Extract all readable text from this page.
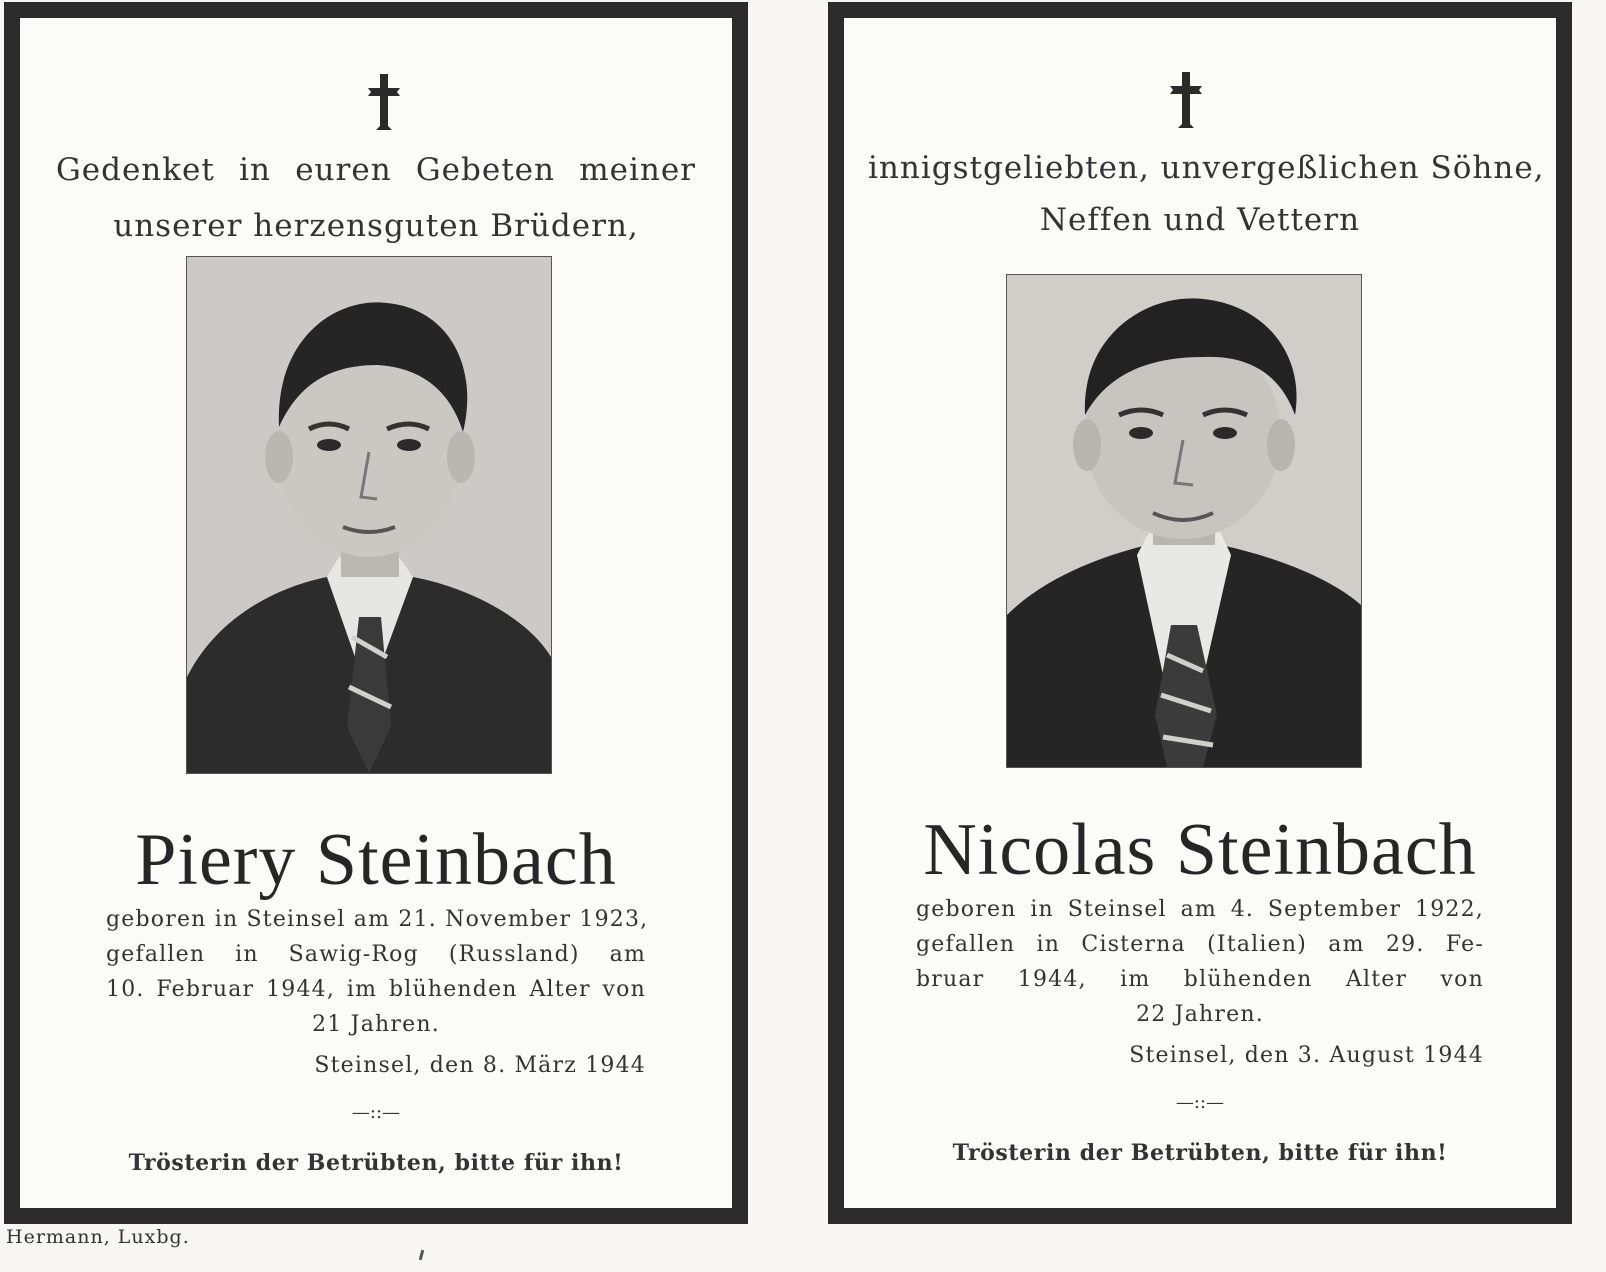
Gedenket in euren Gebeten meiner
unserer herzensguten Brüdern,
Piery Steinbach
geboren in Steinsel am 21. November 1923,
gefallen in Sawig-Rog (Russland) am
10. Februar 1944, im blühenden Alter von
21 Jahren.
Steinsel, den 8. März 1944
—::—
Trösterin der Betrübten, bitte für ihn!
innigstgeliebten, unvergeßlichen Söhne,
Neffen und Vettern
Nicolas Steinbach
geboren in Steinsel am 4. September 1922,
gefallen in Cisterna (Italien) am 29. Fe-
bruar 1944, im blühenden Alter von
22 Jahren.
Steinsel, den 3. August 1944
—::—
Trösterin der Betrübten, bitte für ihn!
Hermann, Luxbg.
